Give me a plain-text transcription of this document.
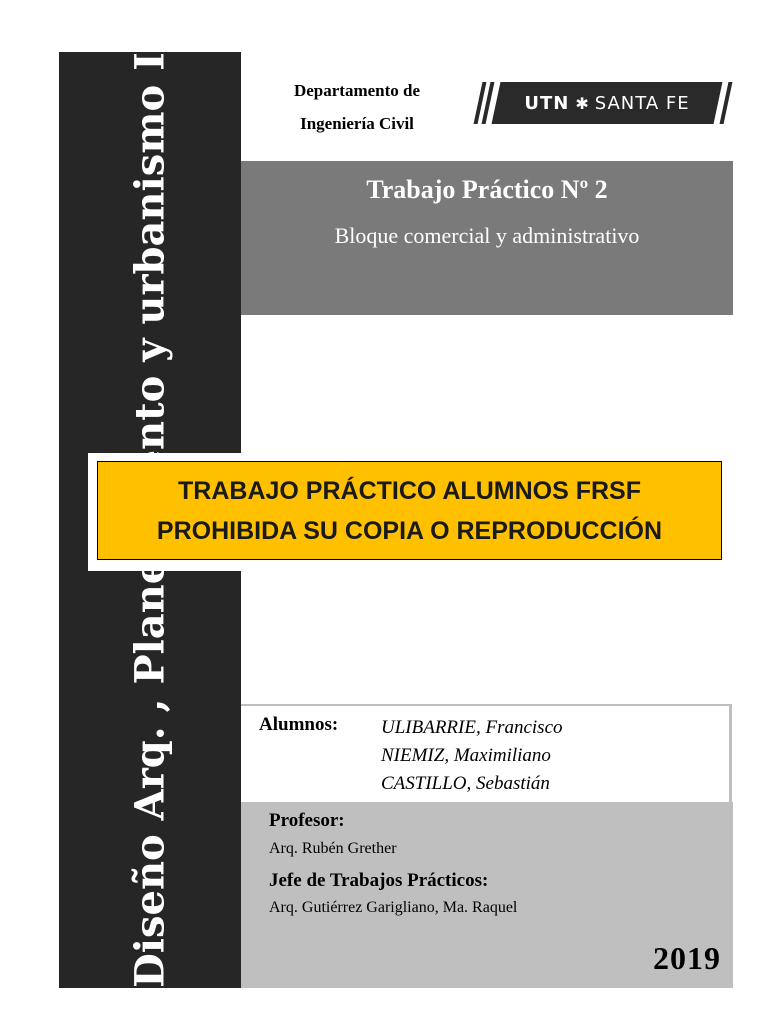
Departamento de
Ingeniería Civil
UTN ✱ SANTA FE
Trabajo Práctico Nº 2
Bloque comercial y administrativo
TRABAJO PRÁCTICO ALUMNOS FRSF
PROHIBIDA SU COPIA O REPRODUCCIÓN
Alumnos: ULIBARRIE, Francisco
NIEMIZ, Maximiliano
CASTILLO, Sebastián
Profesor:
Arq. Rubén Grether
Jefe de Trabajos Prácticos:
Arq. Gutiérrez Garigliano, Ma. Raquel
2019
